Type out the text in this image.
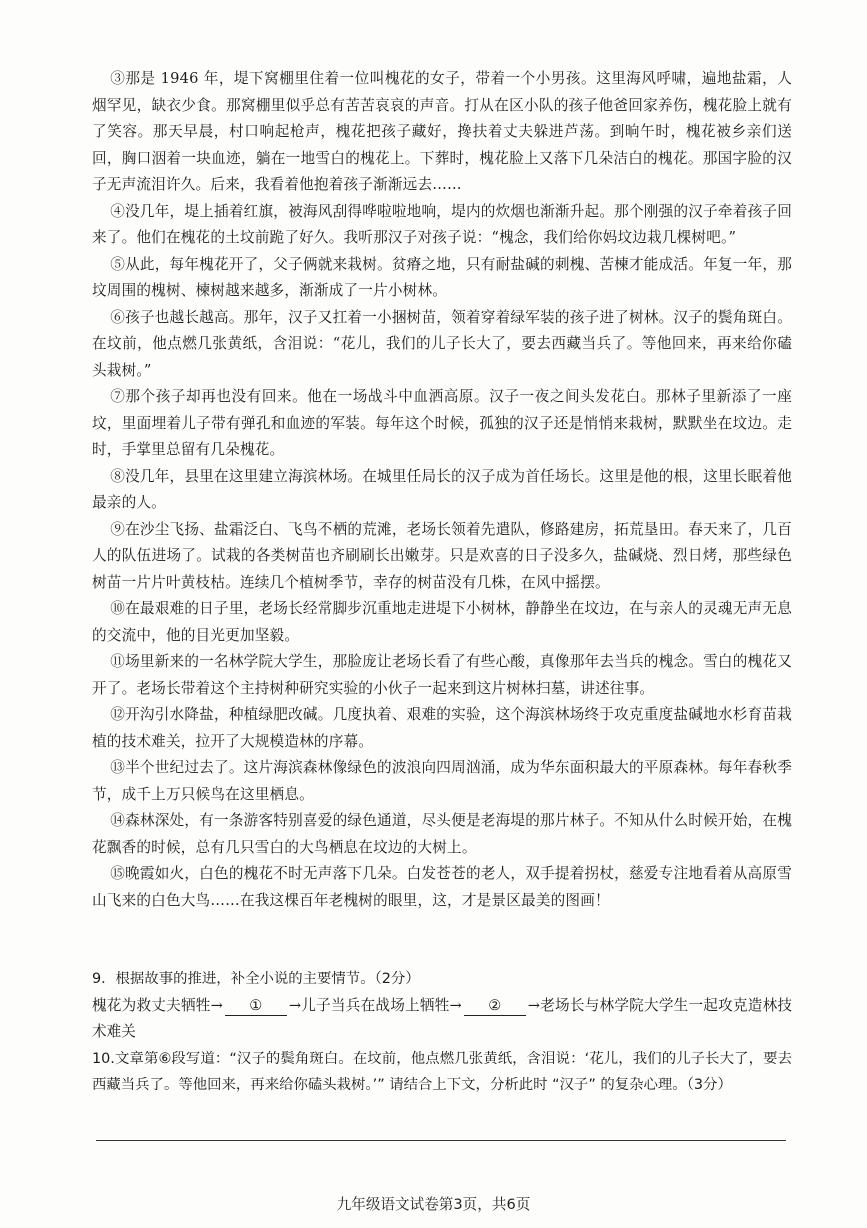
③那是 1946 年，堤下窝棚里住着一位叫槐花的女子，带着一个小男孩。这里海风呼啸，遍地盐霜，人烟罕见，缺衣少食。那窝棚里似乎总有苦苦哀哀的声音。打从在区小队的孩子他爸回家养伤，槐花脸上就有了笑容。那天早晨，村口响起枪声，槐花把孩子藏好，搀扶着丈夫躲进芦荡。到晌午时，槐花被乡亲们送回，胸口洇着一块血迹，躺在一地雪白的槐花上。下葬时，槐花脸上又落下几朵洁白的槐花。那国字脸的汉子无声流泪许久。后来，我看着他抱着孩子渐渐远去……

④没几年，堤上插着红旗，被海风刮得哗啦啦地响，堤内的炊烟也渐渐升起。那个刚强的汉子牵着孩子回来了。他们在槐花的土坟前跪了好久。我听那汉子对孩子说：“槐念，我们给你妈坟边栽几棵树吧。”

⑤从此，每年槐花开了，父子俩就来栽树。贫瘠之地，只有耐盐碱的刺槐、苦楝才能成活。年复一年，那坟周围的槐树、楝树越来越多，渐渐成了一片小树林。

⑥孩子也越长越高。那年，汉子又扛着一小捆树苗，领着穿着绿军装的孩子进了树林。汉子的鬓角斑白。在坟前，他点燃几张黄纸，含泪说：“花儿，我们的儿子长大了，要去西藏当兵了。等他回来，再来给你磕头栽树。”

⑦那个孩子却再也没有回来。他在一场战斗中血洒高原。汉子一夜之间头发花白。那林子里新添了一座坟，里面埋着儿子带有弹孔和血迹的军装。每年这个时候，孤独的汉子还是悄悄来栽树，默默坐在坟边。走时，手掌里总留有几朵槐花。

⑧没几年，县里在这里建立海滨林场。在城里任局长的汉子成为首任场长。这里是他的根，这里长眠着他最亲的人。

⑨在沙尘飞扬、盐霜泛白、飞鸟不栖的荒滩，老场长领着先遣队，修路建房，拓荒垦田。春天来了，几百人的队伍进场了。试栽的各类树苗也齐刷刷长出嫩芽。只是欢喜的日子没多久，盐碱烧、烈日烤，那些绿色树苗一片片叶黄枝枯。连续几个植树季节，幸存的树苗没有几株，在风中摇摆。

⑩在最艰难的日子里，老场长经常脚步沉重地走进堤下小树林，静静坐在坟边，在与亲人的灵魂无声无息的交流中，他的目光更加坚毅。

⑪场里新来的一名林学院大学生，那脸庞让老场长看了有些心酸，真像那年去当兵的槐念。雪白的槐花又开了。老场长带着这个主持树种研究实验的小伙子一起来到这片树林扫墓，讲述往事。

⑫开沟引水降盐，种植绿肥改碱。几度执着、艰难的实验，这个海滨林场终于攻克重度盐碱地水杉育苗栽植的技术难关，拉开了大规模造林的序幕。

⑬半个世纪过去了。这片海滨森林像绿色的波浪向四周汹涌，成为华东面积最大的平原森林。每年春秋季节，成千上万只候鸟在这里栖息。

⑭森林深处，有一条游客特别喜爱的绿色通道，尽头便是老海堤的那片林子。不知从什么时候开始，在槐花飘香的时候，总有几只雪白的大鸟栖息在坟边的大树上。

⑮晚霞如火，白色的槐花不时无声落下几朵。白发苍苍的老人，双手提着拐杖，慈爱专注地看着从高原雪山飞来的白色大鸟……在我这棵百年老槐树的眼里，这，才是景区最美的图画！

9．根据故事的推进，补全小说的主要情节。（2分）

槐花为救丈夫牺牲→ ① →儿子当兵在战场上牺牲→ ② →老场长与林学院大学生一起攻克造林技术难关

10.文章第⑥段写道：“汉子的鬓角斑白。在坟前，他点燃几张黄纸，含泪说：‘花儿，我们的儿子长大了，要去西藏当兵了。等他回来，再来给你磕头栽树。’” 请结合上下文，分析此时 “汉子” 的复杂心理。（3分）

九年级语文试卷第3页，共6页
